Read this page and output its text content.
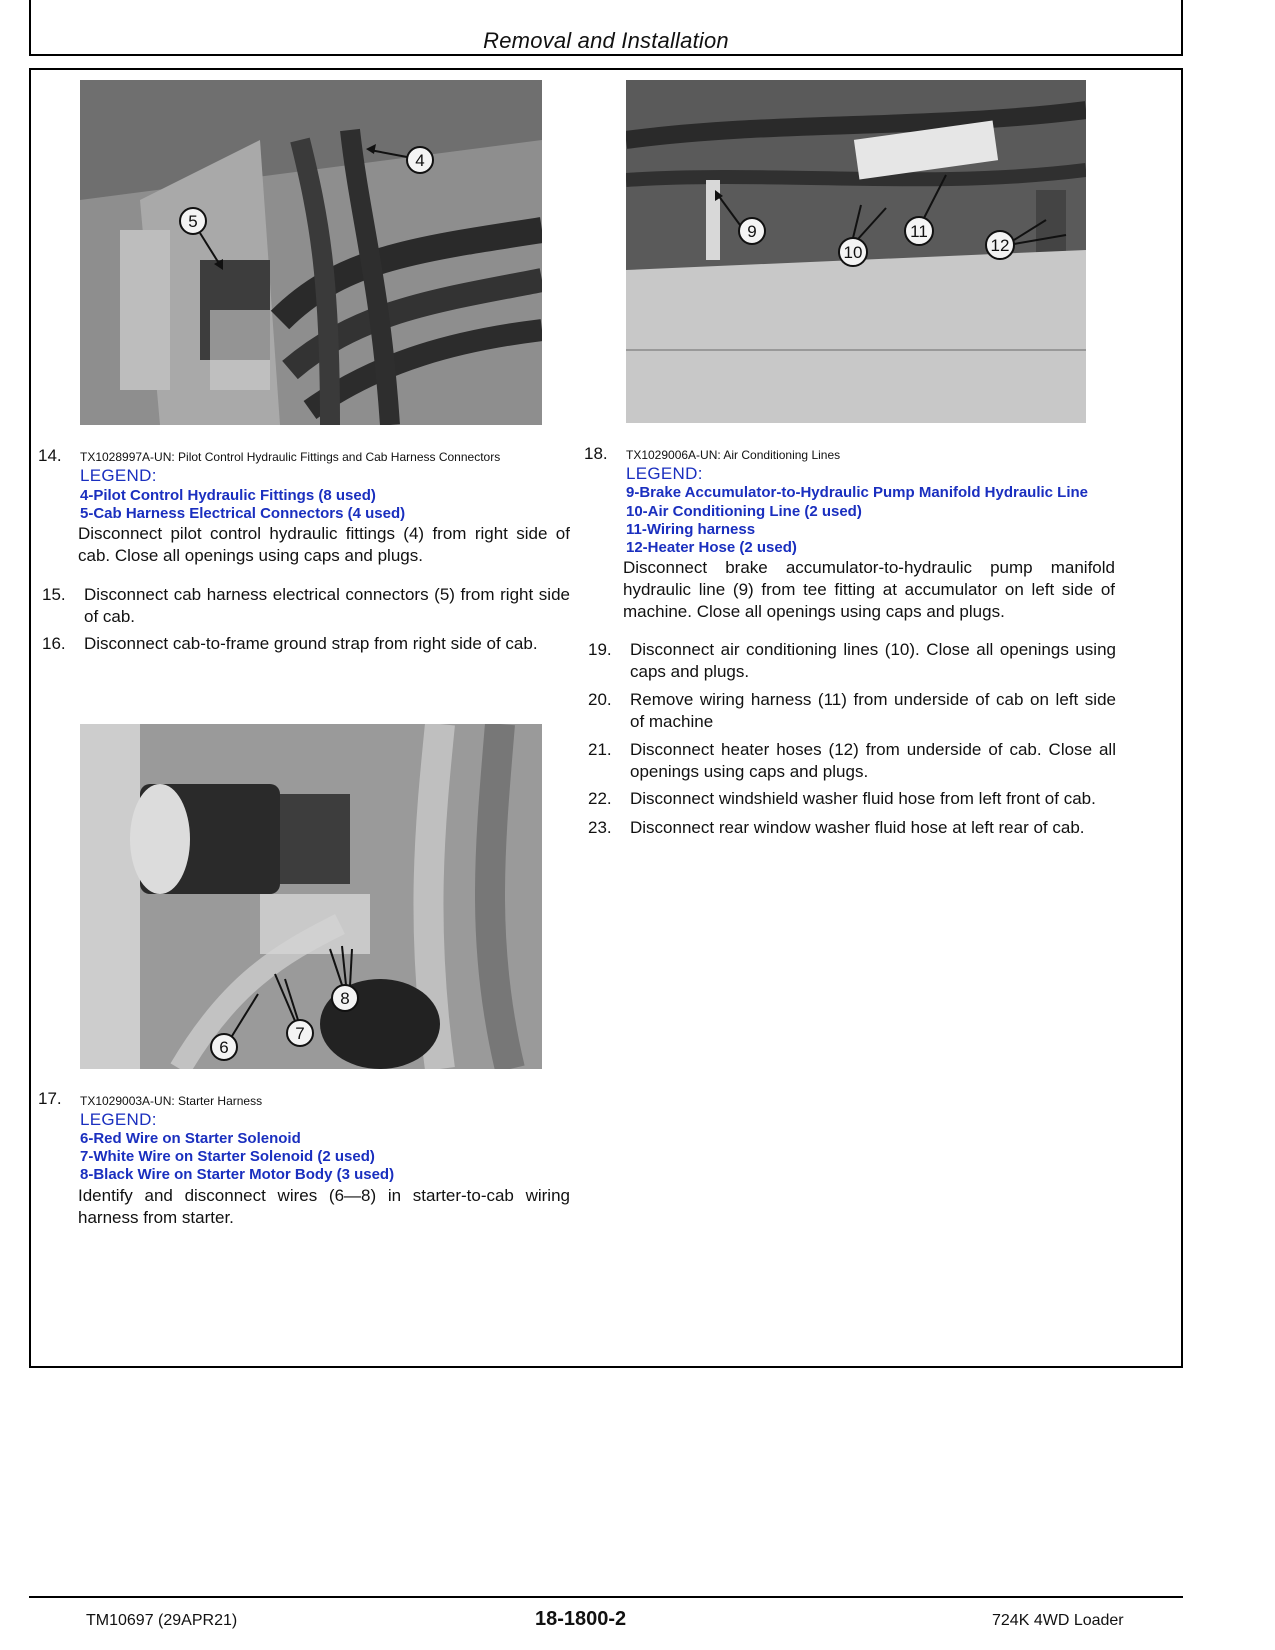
Removal and Installation
4
5
9
10
11
12
6
7
8
14. TX1028997A-UN: Pilot Control Hydraulic Fittings and Cab Harness Connectors
LEGEND:
4-Pilot Control Hydraulic Fittings (8 used)
5-Cab Harness Electrical Connectors (4 used)
Disconnect pilot control hydraulic fittings (4) from right side of cab. Close all openings using caps and plugs.
15. Disconnect cab harness electrical connectors (5) from right side of cab.
16. Disconnect cab-to-frame ground strap from right side of cab.
17. TX1029003A-UN: Starter Harness
LEGEND:
6-Red Wire on Starter Solenoid
7-White Wire on Starter Solenoid (2 used)
8-Black Wire on Starter Motor Body (3 used)
Identify and disconnect wires (6—8) in starter-to-cab wiring harness from starter.
18. TX1029006A-UN: Air Conditioning Lines
LEGEND:
9-Brake Accumulator-to-Hydraulic Pump Manifold Hydraulic Line
10-Air Conditioning Line (2 used)
11-Wiring harness
12-Heater Hose (2 used)
Disconnect brake accumulator-to-hydraulic pump manifold hydraulic line (9) from tee fitting at accumulator on left side of machine. Close all openings using caps and plugs.
19. Disconnect air conditioning lines (10). Close all openings using caps and plugs.
20. Remove wiring harness (11) from underside of cab on left side of machine
21. Disconnect heater hoses (12) from underside of cab. Close all openings using caps and plugs.
22. Disconnect windshield washer fluid hose from left front of cab.
23. Disconnect rear window washer fluid hose at left rear of cab.
TM10697 (29APR21)	18-1800-2	724K 4WD Loader
